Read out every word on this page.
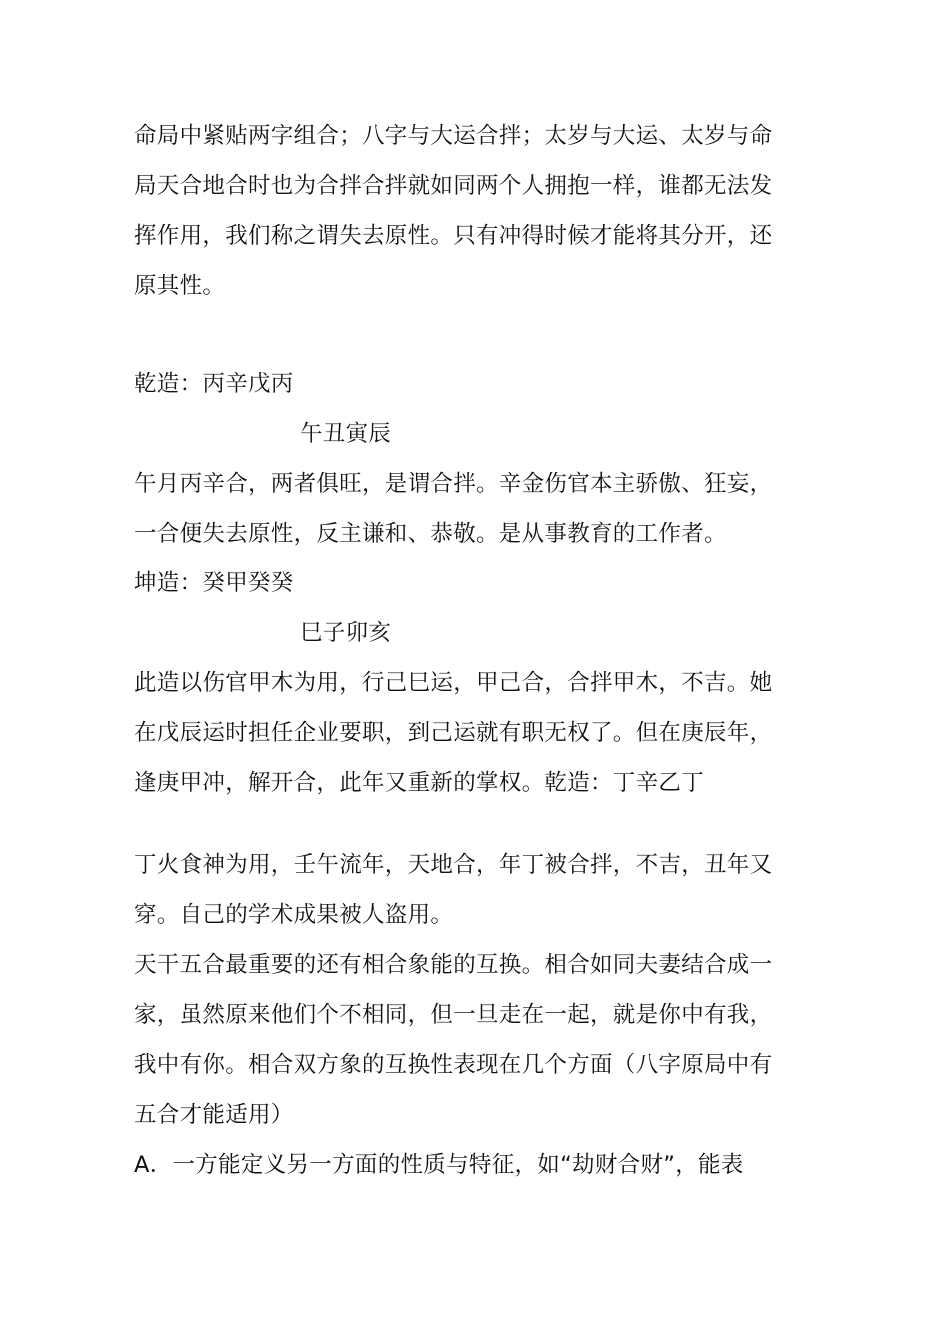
命局中紧贴两字组合；八字与大运合拌；太岁与大运、太岁与命
局天合地合时也为合拌合拌就如同两个人拥抱一样，谁都无法发
挥作用，我们称之谓失去原性。只有冲得时候才能将其分开，还
原其性。
乾造：丙辛戊丙
午丑寅辰
午月丙辛合，两者俱旺，是谓合拌。辛金伤官本主骄傲、狂妄，
一合便失去原性，反主谦和、恭敬。是从事教育的工作者。
坤造：癸甲癸癸
巳子卯亥
此造以伤官甲木为用，行己巳运，甲己合，合拌甲木，不吉。她
在戊辰运时担任企业要职，到己运就有职无权了。但在庚辰年，
逢庚甲冲，解开合，此年又重新的掌权。乾造：丁辛乙丁
丁火食神为用，壬午流年，天地合，年丁被合拌，不吉，丑年又
穿。自己的学术成果被人盗用。
天干五合最重要的还有相合象能的互换。相合如同夫妻结合成一
家，虽然原来他们个不相同，但一旦走在一起，就是你中有我，
我中有你。相合双方象的互换性表现在几个方面（八字原局中有
五合才能适用）
A．一方能定义另一方面的性质与特征，如“劫财合财”，能表
